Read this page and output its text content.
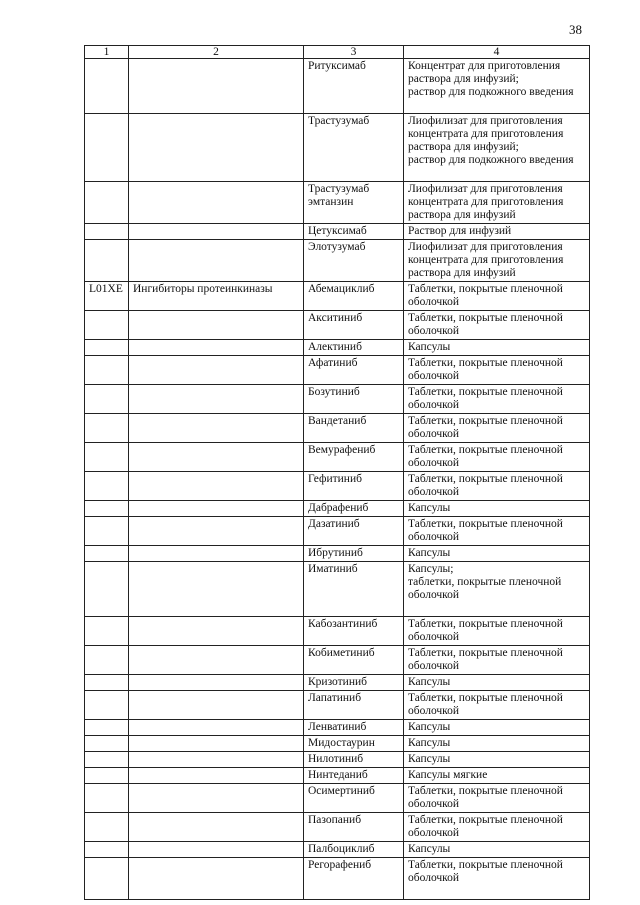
38
1	2	3	4
		Ритуксимаб	Концентрат для приготовления раствора для инфузий;
раствор для подкожного введения

		Трастузумаб	Лиофилизат для приготовления концентрата для приготовления раствора для инфузий;
раствор для подкожного введения

		Трастузумаб эмтанзин	Лиофилизат для приготовления концентрата для приготовления раствора для инфузий

		Цетуксимаб	Раствор для инфузий

		Элотузумаб	Лиофилизат для приготовления концентрата для приготовления раствора для инфузий

L01XE	Ингибиторы протеинкиназы	Абемациклиб	Таблетки, покрытые пленочной оболочкой

		Акситиниб	Таблетки, покрытые пленочной оболочкой

		Алектиниб	Капсулы

		Афатиниб	Таблетки, покрытые пленочной оболочкой

		Бозутиниб	Таблетки, покрытые пленочной оболочкой

		Вандетаниб	Таблетки, покрытые пленочной оболочкой

		Вемурафениб	Таблетки, покрытые пленочной оболочкой

		Гефитиниб	Таблетки, покрытые пленочной оболочкой

		Дабрафениб	Капсулы

		Дазатиниб	Таблетки, покрытые пленочной оболочкой

		Ибрутиниб	Капсулы

		Иматиниб	Капсулы;
таблетки, покрытые пленочной оболочкой

		Кабозантиниб	Таблетки, покрытые пленочной оболочкой

		Кобиметиниб	Таблетки, покрытые пленочной оболочкой

		Кризотиниб	Капсулы

		Лапатиниб	Таблетки, покрытые пленочной оболочкой

		Ленватиниб	Капсулы

		Мидостаурин	Капсулы

		Нилотиниб	Капсулы

		Нинтеданиб	Капсулы мягкие

		Осимертиниб	Таблетки, покрытые пленочной оболочкой

		Пазопаниб	Таблетки, покрытые пленочной оболочкой

		Палбоциклиб	Капсулы

		Регорафениб	Таблетки, покрытые пленочной оболочкой
